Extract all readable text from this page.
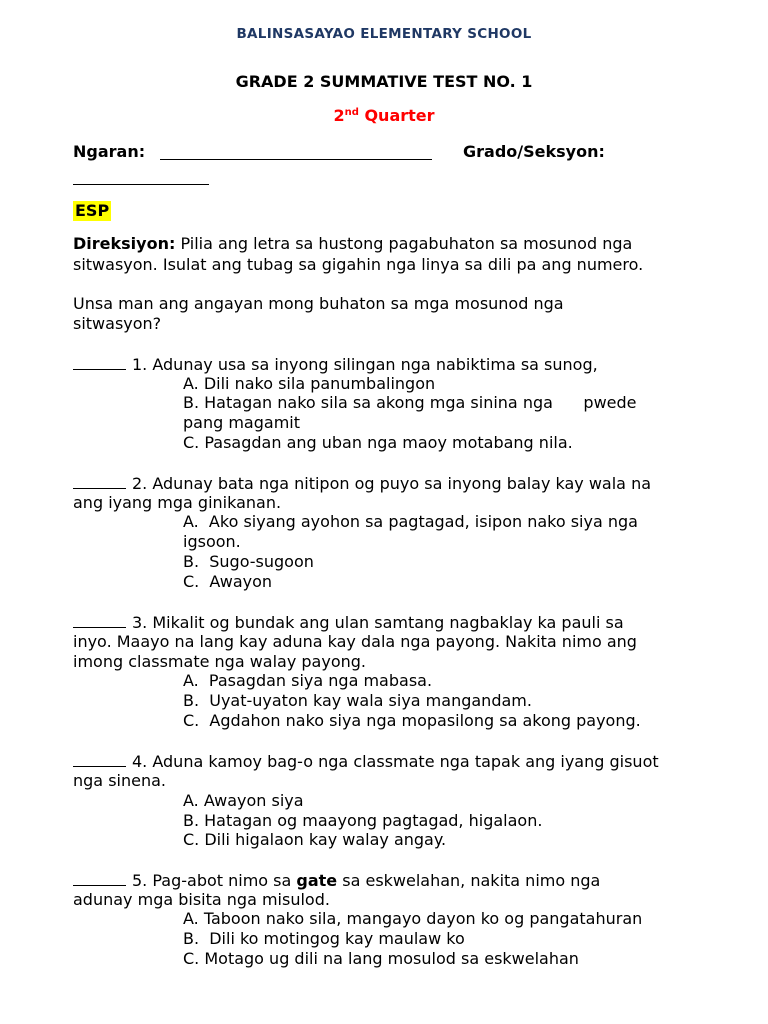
BALINSASAYAO ELEMENTARY SCHOOL
GRADE 2 SUMMATIVE TEST NO. 1
2nd Quarter
Ngaran:	Grado/Seksyon:
ESP
Direksiyon: Pilia ang letra sa hustong pagabuhaton sa mosunod nga
sitwasyon. Isulat ang tubag sa gigahin nga linya sa dili pa ang numero.
Unsa man ang angayan mong buhaton sa mga mosunod nga
sitwasyon?
1. Adunay usa sa inyong silingan nga nabiktima sa sunog,
A. Dili nako sila panumbalingon
B. Hatagan nako sila sa akong mga sinina nga      pwede
pang magamit
C. Pasagdan ang uban nga maoy motabang nila.
2. Adunay bata nga nitipon og puyo sa inyong balay kay wala na
ang iyang mga ginikanan.
A.  Ako siyang ayohon sa pagtagad, isipon nako siya nga
igsoon.
B.  Sugo-sugoon
C.  Awayon
3. Mikalit og bundak ang ulan samtang nagbaklay ka pauli sa
inyo. Maayo na lang kay aduna kay dala nga payong. Nakita nimo ang
imong classmate nga walay payong.
A.  Pasagdan siya nga mabasa.
B.  Uyat-uyaton kay wala siya mangandam.
C.  Agdahon nako siya nga mopasilong sa akong payong.
4. Aduna kamoy bag-o nga classmate nga tapak ang iyang gisuot
nga sinena.
A. Awayon siya
B. Hatagan og maayong pagtagad, higalaon.
C. Dili higalaon kay walay angay.
5. Pag-abot nimo sa gate sa eskwelahan, nakita nimo nga
adunay mga bisita nga misulod.
A. Taboon nako sila, mangayo dayon ko og pangatahuran
B.  Dili ko motingog kay maulaw ko
C. Motago ug dili na lang mosulod sa eskwelahan
